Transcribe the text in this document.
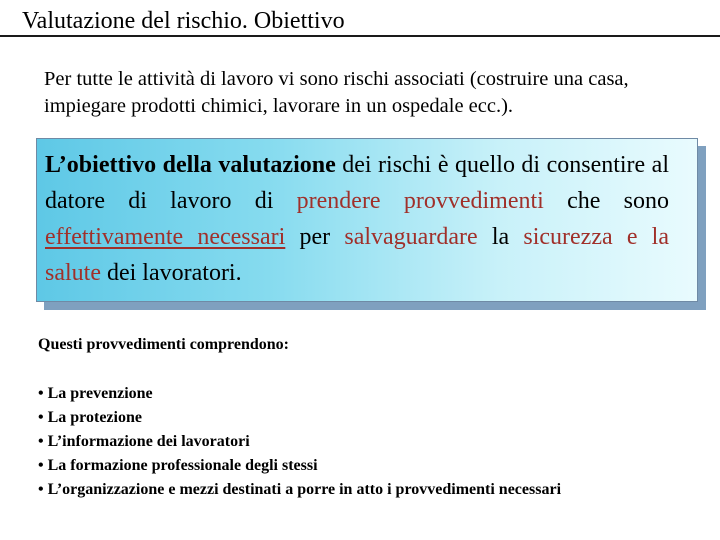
Valutazione del rischio. Obiettivo
Per tutte le attività di lavoro vi sono rischi associati (costruire una casa, impiegare prodotti chimici, lavorare in un ospedale ecc.).
L’obiettivo della valutazione dei rischi è quello di consentire al datore di lavoro di prendere provvedimenti che sono effettivamente necessari per salvaguardare la sicurezza e la salute dei lavoratori.
Questi provvedimenti comprendono:
• La prevenzione
• La protezione
• L’informazione dei lavoratori
• La formazione professionale degli stessi
• L’organizzazione e mezzi destinati a porre in atto i provvedimenti necessari
